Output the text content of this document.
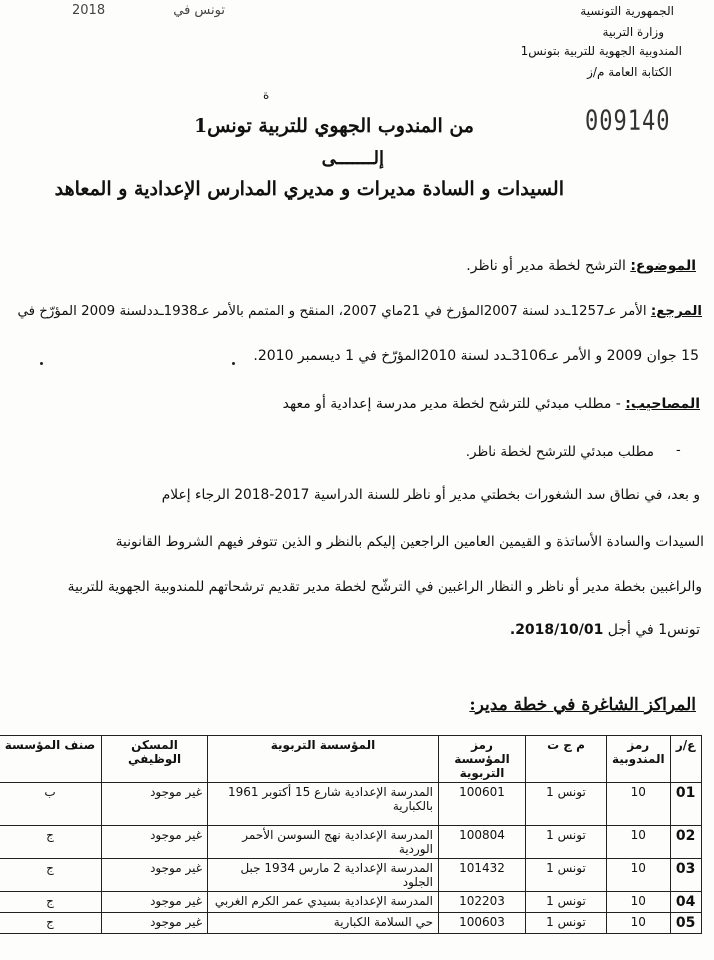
2018	تونس في	الجمهورية التونسية
وزارة التربية
المندوبية الجهوية للتربية بتونس1
الكتابة العامة م/ز
009140
ة
من المندوب الجهوي للتربية تونس1
إلـــــــى
السيدات و السادة مديرات و مديري المدارس الإعدادية و المعاهد
الموضوع: الترشح لخطة مدير أو ناظر.
المرجع: الأمر عـ1257ـدد لسنة 2007المؤرخ في 21ماي 2007، المنقح و المتمم بالأمر عـ1938ـددلسنة 2009 المؤرّخ في
15 جوان 2009 و الأمر عـ3106ـدد لسنة 2010المؤرّخ في 1 ديسمبر 2010.
المصاحيب: - مطلب مبدئي للترشح لخطة مدير مدرسة إعدادية أو معهد
مطلب مبدئي للترشح لخطة ناظر. -
و بعد، في نطاق سد الشغورات بخطتي مدير أو ناظر للسنة الدراسية 2017-2018 الرجاء إعلام
السيدات والسادة الأساتذة و القيمين العامين الراجعين إليكم بالنظر و الذين تتوفر فيهم الشروط القانونية
والراغبين بخطة مدير أو ناظر و النظار الراغبين في الترشّح لخطة مدير تقديم ترشحاتهم للمندوبية الجهوية للتربية
تونس1 في أجل 2018/10/01.
المراكز الشاغرة في خطة مدير:
ع/ر	رمز المندوبية	م ج ت	رمز المؤسسة التربوية	المؤسسة التربوية	المسكن الوظيفي	صنف المؤسسة
01	10	تونس 1	100601	المدرسة الإعدادية شارع 15 أكتوبر 1961 بالكبارية	غير موجود	ب
02	10	تونس 1	100804	المدرسة الإعدادية نهج السوسن الأحمر الوردية	غير موجود	ج
03	10	تونس 1	101432	المدرسة الإعدادية 2 مارس 1934 جبل الجلود	غير موجود	ج
04	10	تونس 1	102203	المدرسة الإعدادية بسيدي عمر الكرم الغربي	غير موجود	ج
05	10	تونس 1	100603	حي السلامة الكبارية	غير موجود	ج
